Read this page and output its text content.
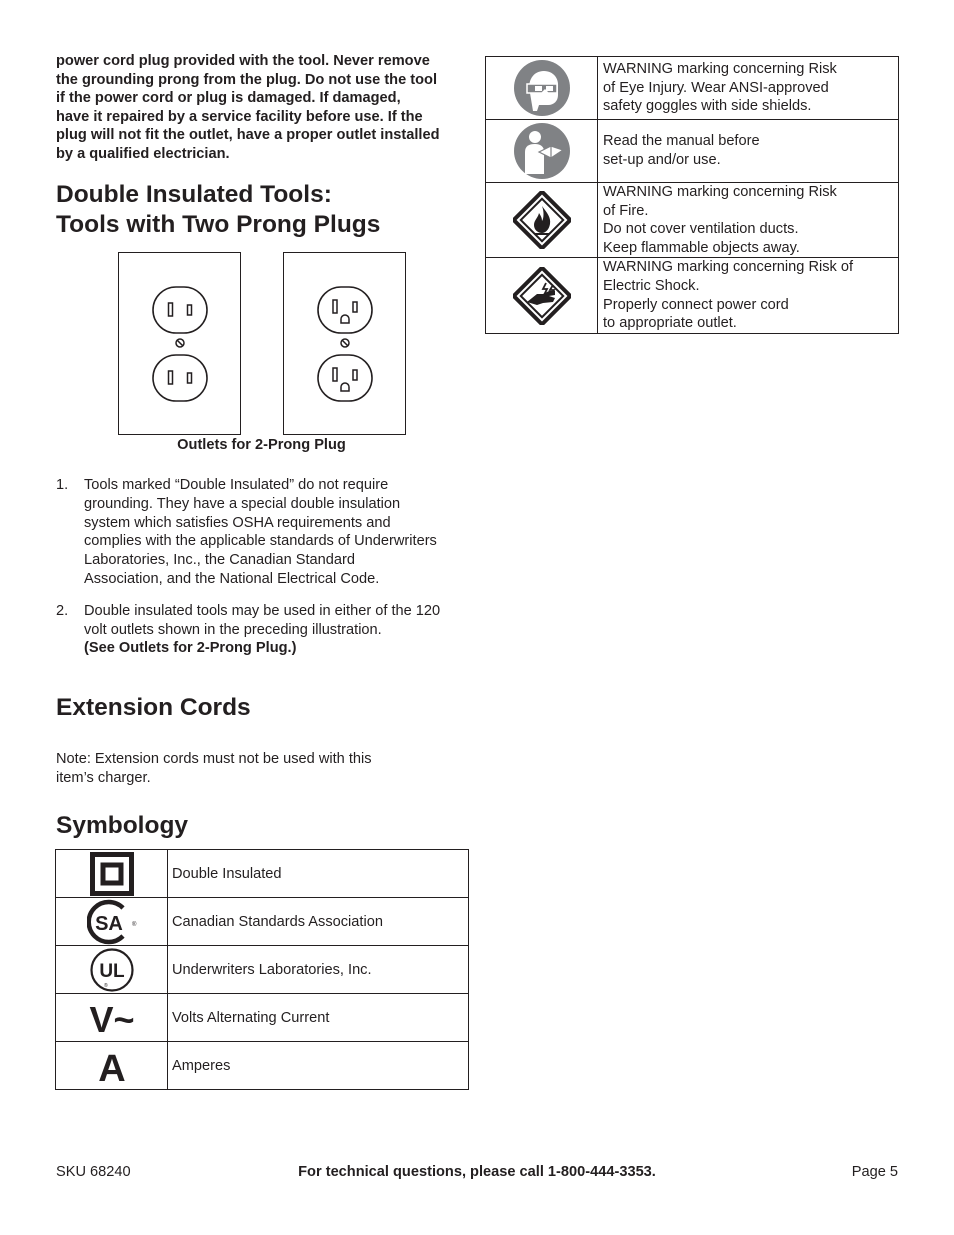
power cord plug provided with the tool. Never remove
the grounding prong from the plug. Do not use the tool
if the power cord or plug is damaged. If damaged,
have it repaired by a service facility before use. If the
plug will not fit the outlet, have a proper outlet installed
by a qualified electrician.
Double Insulated Tools:
Tools with Two Prong Plugs
Outlets for 2-Prong Plug
1. Tools marked “Double Insulated” do not require
grounding. They have a special double insulation
system which satisfies OSHA requirements and
complies with the applicable standards of Underwriters
Laboratories, Inc., the Canadian Standard
Association, and the National Electrical Code.
2. Double insulated tools may be used in either of the 120
volt outlets shown in the preceding illustration.
(See Outlets for 2-Prong Plug.)
Extension Cords
Note: Extension cords must not be used with this
item’s charger.
Symbology
	Double Insulated

SA ®	Canadian Standards Association

UL
®	Underwriters Laboratories, Inc.

V~	Volts Alternating Current

A	Amperes

WARNING marking concerning Risk
of Eye Injury. Wear ANSI-approved
safety goggles with side shields.

Read the manual before
set-up and/or use.

WARNING marking concerning Risk
of Fire.
Do not cover ventilation ducts.
Keep flammable objects away.

WARNING marking concerning Risk of
Electric Shock.
Properly connect power cord
to appropriate outlet.
SKU 68240	For technical questions, please call 1-800-444-3353.	Page 5
